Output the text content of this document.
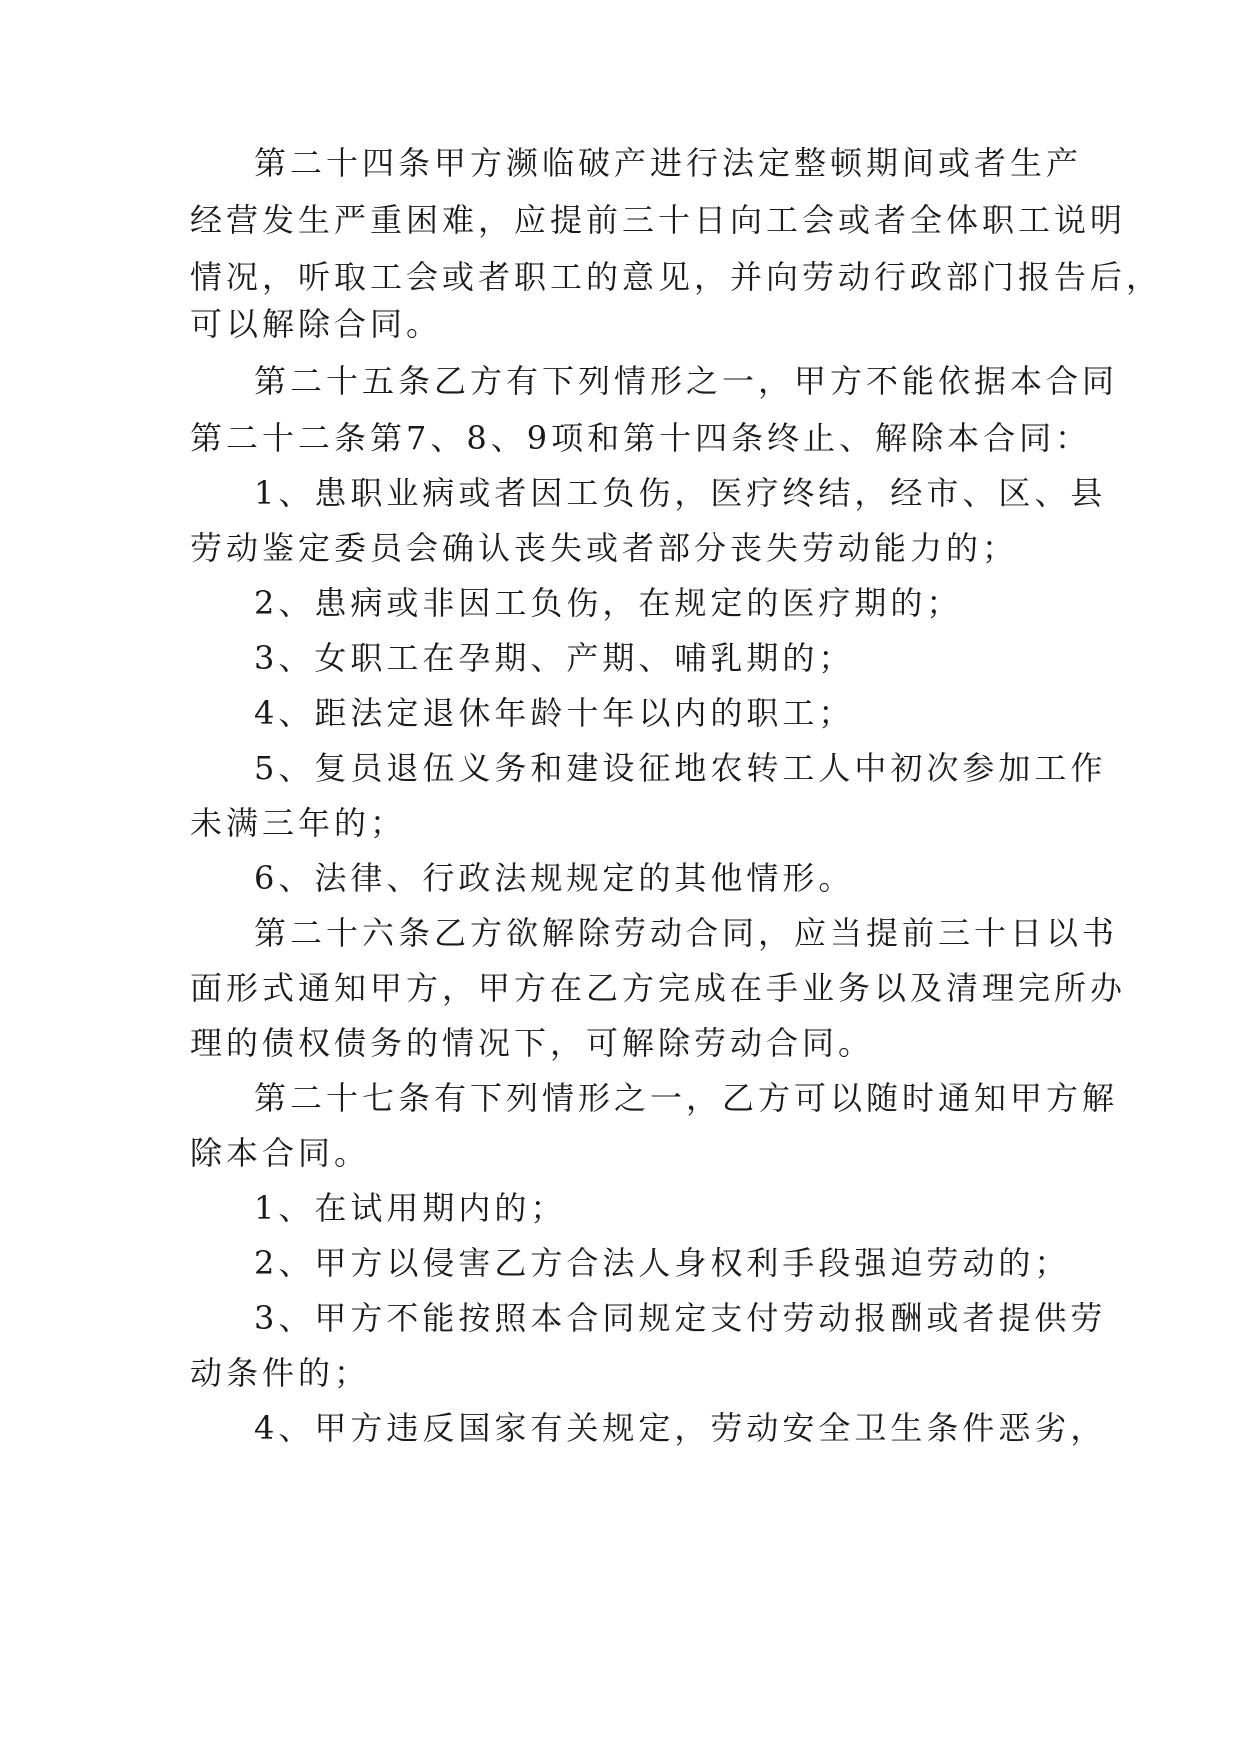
第二十四条甲方濒临破产进行法定整顿期间或者生产
经营发生严重困难，应提前三十日向工会或者全体职工说明
情况，听取工会或者职工的意见，并向劳动行政部门报告后，
可以解除合同。
第二十五条乙方有下列情形之一，甲方不能依据本合同
第二十二条第7、8、9项和第十四条终止、解除本合同：
1、患职业病或者因工负伤，医疗终结，经市、区、县
劳动鉴定委员会确认丧失或者部分丧失劳动能力的；
2、患病或非因工负伤，在规定的医疗期的；
3、女职工在孕期、产期、哺乳期的；
4、距法定退休年龄十年以内的职工；
5、复员退伍义务和建设征地农转工人中初次参加工作
未满三年的；
6、法律、行政法规规定的其他情形。
第二十六条乙方欲解除劳动合同，应当提前三十日以书
面形式通知甲方，甲方在乙方完成在手业务以及清理完所办
理的债权债务的情况下，可解除劳动合同。
第二十七条有下列情形之一，乙方可以随时通知甲方解
除本合同。
1、在试用期内的；
2、甲方以侵害乙方合法人身权利手段强迫劳动的；
3、甲方不能按照本合同规定支付劳动报酬或者提供劳
动条件的；
4、甲方违反国家有关规定，劳动安全卫生条件恶劣，
